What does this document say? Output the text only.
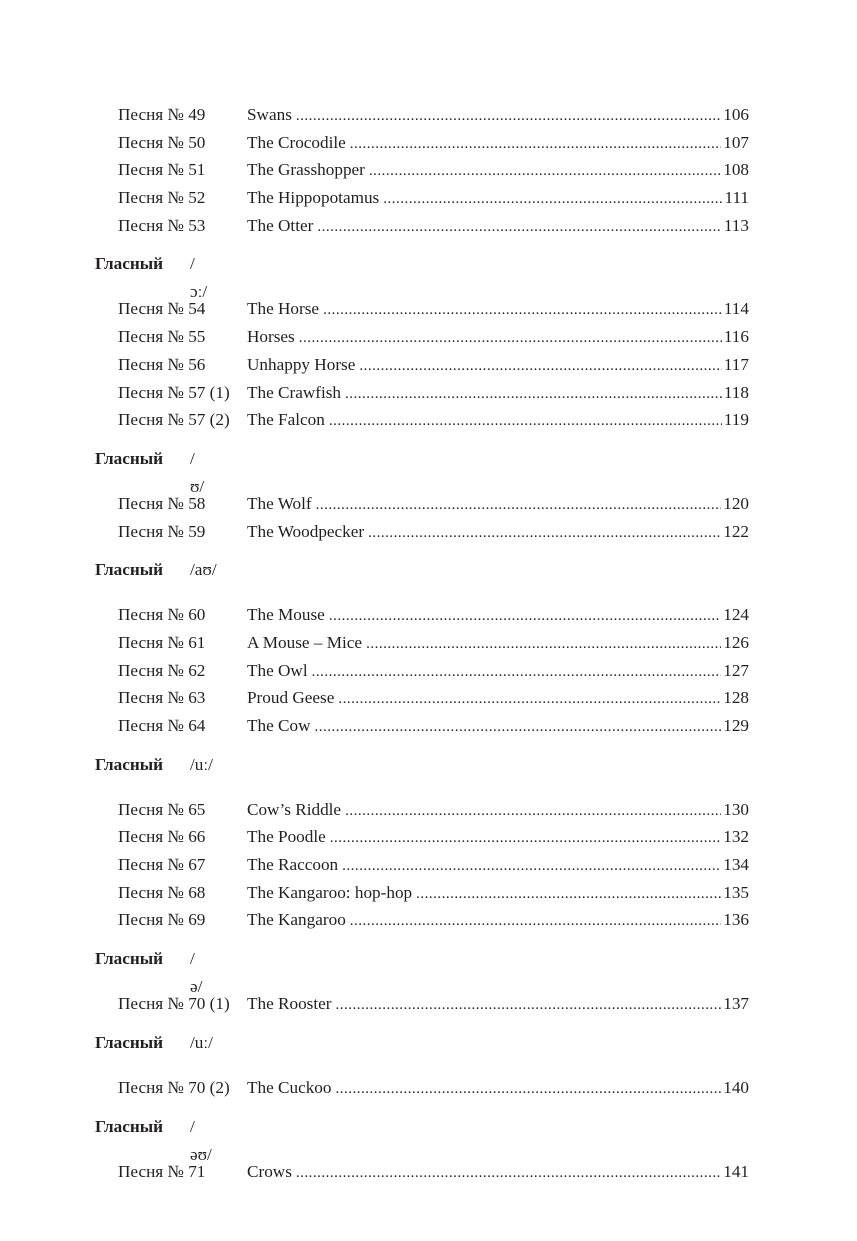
Песня № 49 Swans .....	106
Песня № 50 The Crocodile .....	107
Песня № 51 The Grasshopper .....	108
Песня № 52 The Hippopotamus .....	111
Песня № 53 The Otter .....	113
Гласный /ɔː/
Песня № 54 The Horse .....	114
Песня № 55 Horses .....	116
Песня № 56 Unhappy Horse .....	117
Песня № 57 (1) The Crawfish .....	118
Песня № 57 (2) The Falcon .....	119
Гласный /ʊ/
Песня № 58 The Wolf .....	120
Песня № 59 The Woodpecker .....	122
Гласный /aʊ/
Песня № 60 The Mouse .....	124
Песня № 61 A Mouse – Mice .....	126
Песня № 62 The Owl .....	127
Песня № 63 Proud Geese .....	128
Песня № 64 The Cow .....	129
Гласный /uː/
Песня № 65 Cow’s Riddle .....	130
Песня № 66 The Poodle .....	132
Песня № 67 The Raccoon .....	134
Песня № 68 The Kangaroo: hop-hop .....	135
Песня № 69 The Kangaroo .....	136
Гласный /ə/
Песня № 70 (1) The Rooster .....	137
Гласный /uː/
Песня № 70 (2) The Cuckoo .....	140
Гласный /əʊ/
Песня № 71 Crows .....	141
